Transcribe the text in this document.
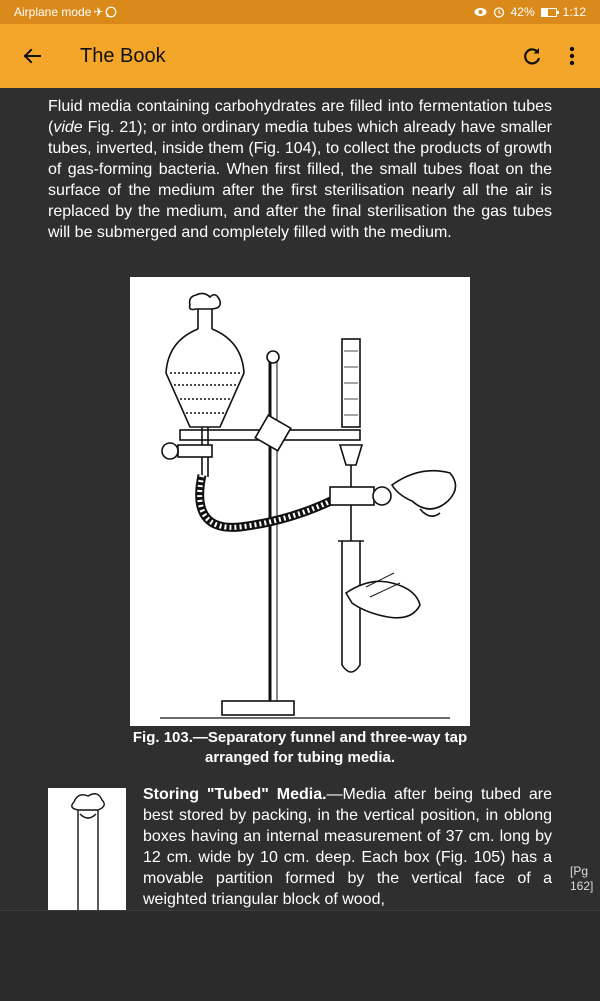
Airplane mode ✈	42% 1:12
The Book

Fluid media containing carbohydrates are filled into fermentation tubes (vide Fig. 21); or into ordinary media tubes which already have smaller tubes, inverted, inside them (Fig. 104), to collect the products of growth of gas-forming bacteria. When first filled, the small tubes float on the surface of the medium after the first sterilisation nearly all the air is replaced by the medium, and after the final sterilisation the gas tubes will be submerged and completely filled with the medium.

Fig. 103.—Separatory funnel and three-way tap arranged for tubing media.

Storing "Tubed" Media.—Media after being tubed are best stored by packing, in the vertical position, in oblong boxes having an internal measurement of 37 cm. long by 12 cm. wide by 10 cm. deep. Each box (Fig. 105) has a movable partition formed by the vertical face of a weighted triangular block of wood,

[Pg 162]
